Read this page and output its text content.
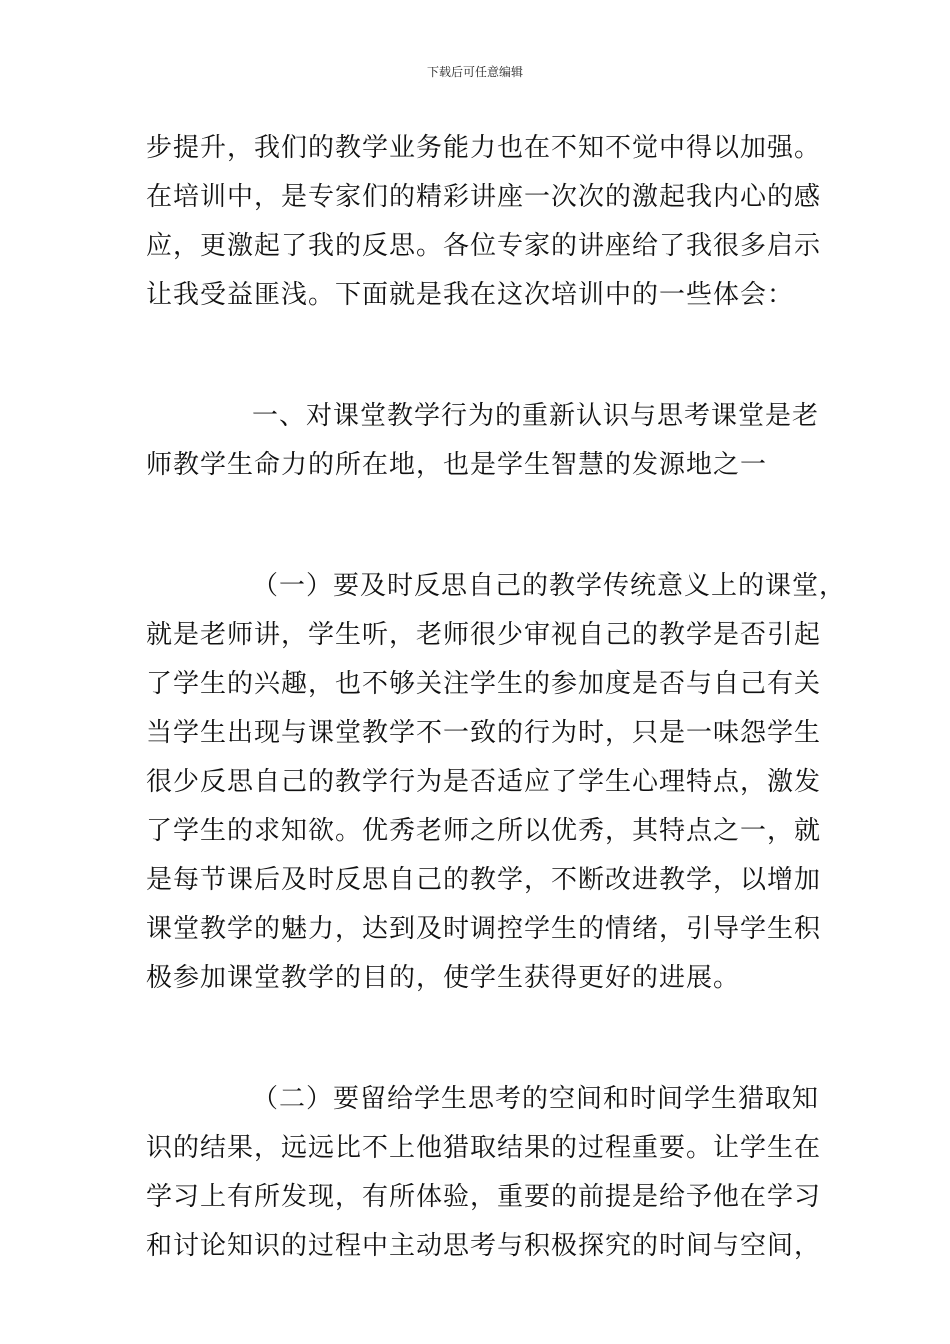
下载后可任意编辑
步提升，我们的教学业务能力也在不知不觉中得以加强。
在培训中，是专家们的精彩讲座一次次的激起我内心的感
应，更激起了我的反思。各位专家的讲座给了我很多启示
让我受益匪浅。下面就是我在这次培训中的一些体会：
一、对课堂教学行为的重新认识与思考课堂是老
师教学生命力的所在地，也是学生智慧的发源地之一
（一）要及时反思自己的教学传统意义上的课堂，
就是老师讲，学生听，老师很少审视自己的教学是否引起
了学生的兴趣，也不够关注学生的参加度是否与自己有关
当学生出现与课堂教学不一致的行为时，只是一味怨学生
很少反思自己的教学行为是否适应了学生心理特点，激发
了学生的求知欲。优秀老师之所以优秀，其特点之一，就
是每节课后及时反思自己的教学，不断改进教学，以增加
课堂教学的魅力，达到及时调控学生的情绪，引导学生积
极参加课堂教学的目的，使学生获得更好的进展。
（二）要留给学生思考的空间和时间学生猎取知
识的结果，远远比不上他猎取结果的过程重要。让学生在
学习上有所发现，有所体验，重要的前提是给予他在学习
和讨论知识的过程中主动思考与积极探究的时间与空间，
